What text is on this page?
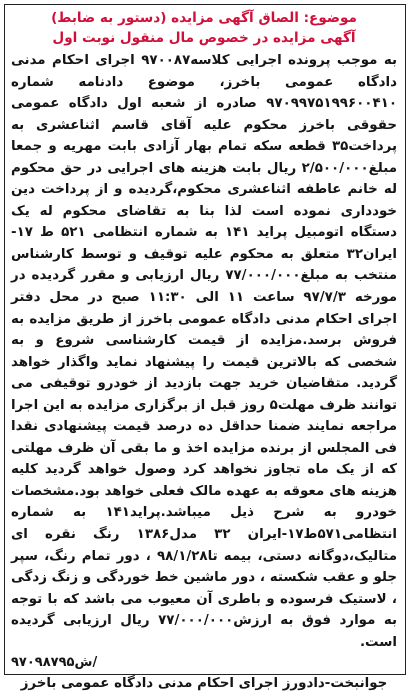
موضوع: الصاق آگهی مزایده (دستور به ضابط)

آگهی مزایده در خصوص مال منقول نوبت اول

به موجب پرونده اجرایی کلاسه۹۷۰۰۸۷ اجرای احکام مدنی دادگاه عمومی باخرز، موضوع دادنامه شماره ۹۷۰۹۹۷۵۱۹۹۶۰۰۴۱۰ صادره از شعبه اول دادگاه عمومی حقوقی باخرز محکوم علیه آقای قاسم اثناعشری به پرداخت۳۵ قطعه سکه تمام بهار آزادی بابت مهریه و جمعا مبلغ۲/۵۰۰/۰۰۰ ریال بابت هزینه های اجرایی در حق محکوم له خانم عاطفه اثناعشری محکوم،گردیده و از پرداخت دین خودداری نموده است لذا بنا به تقاضای محکوم له یک دستگاه اتومبیل پراید ۱۴۱ به شماره انتظامی ۵۲۱ ط ۱۷- ایران۳۲ متعلق به محکوم علیه توقیف و توسط کارشناس منتخب به مبلغ۷۷/۰۰۰/۰۰۰ ریال ارزیابی و مقرر گردیده در مورخه ۹۷/۷/۳ ساعت ۱۱ الی ۱۱:۳۰ صبح در محل دفتر اجرای احکام مدنی دادگاه عمومی باخرز از طریق مزایده به فروش برسد.مزایده از قیمت کارشناسی شروع و به شخصی که بالاترین قیمت را پیشنهاد نماید واگذار خواهد گردید. متقاضیان خرید جهت بازدید از خودرو توقیفی می توانند ظرف مهلت۵ روز قبل از برگزاری مزایده به این اجرا مراجعه نمایند ضمنا حداقل ده درصد قیمت پیشنهادی نقدا فی المجلس از برنده مزایده اخذ و ما بقی آن ظرف مهلتی که از یک ماه تجاوز نخواهد کرد وصول خواهد گردید کلیه هزینه های معوقه به عهده مالک فعلی خواهد بود.مشخصات خودرو به شرح ذیل میباشد.پراید۱۴۱ به شماره انتظامی۵۷۱ط۱۷-ایران ۳۲ مدل۱۳۸۶ رنگ نقره ای متالیک،دوگانه دستی، بیمه تا۹۸/۱/۲۸ ، دور تمام رنگ، سپر جلو و عقب شکسته ، دور ماشین خط خوردگی و زنگ زدگی ، لاستیک فرسوده و باطری آن معیوب می باشد که با توجه به موارد فوق به ارزش۷۷/۰۰۰/۰۰۰ ریال ارزیابی گردیده است.

ش۹۷۰۹۸۷۹۵/

جوانبخت-دادورز اجرای احکام مدنی دادگاه عمومی باخرز
